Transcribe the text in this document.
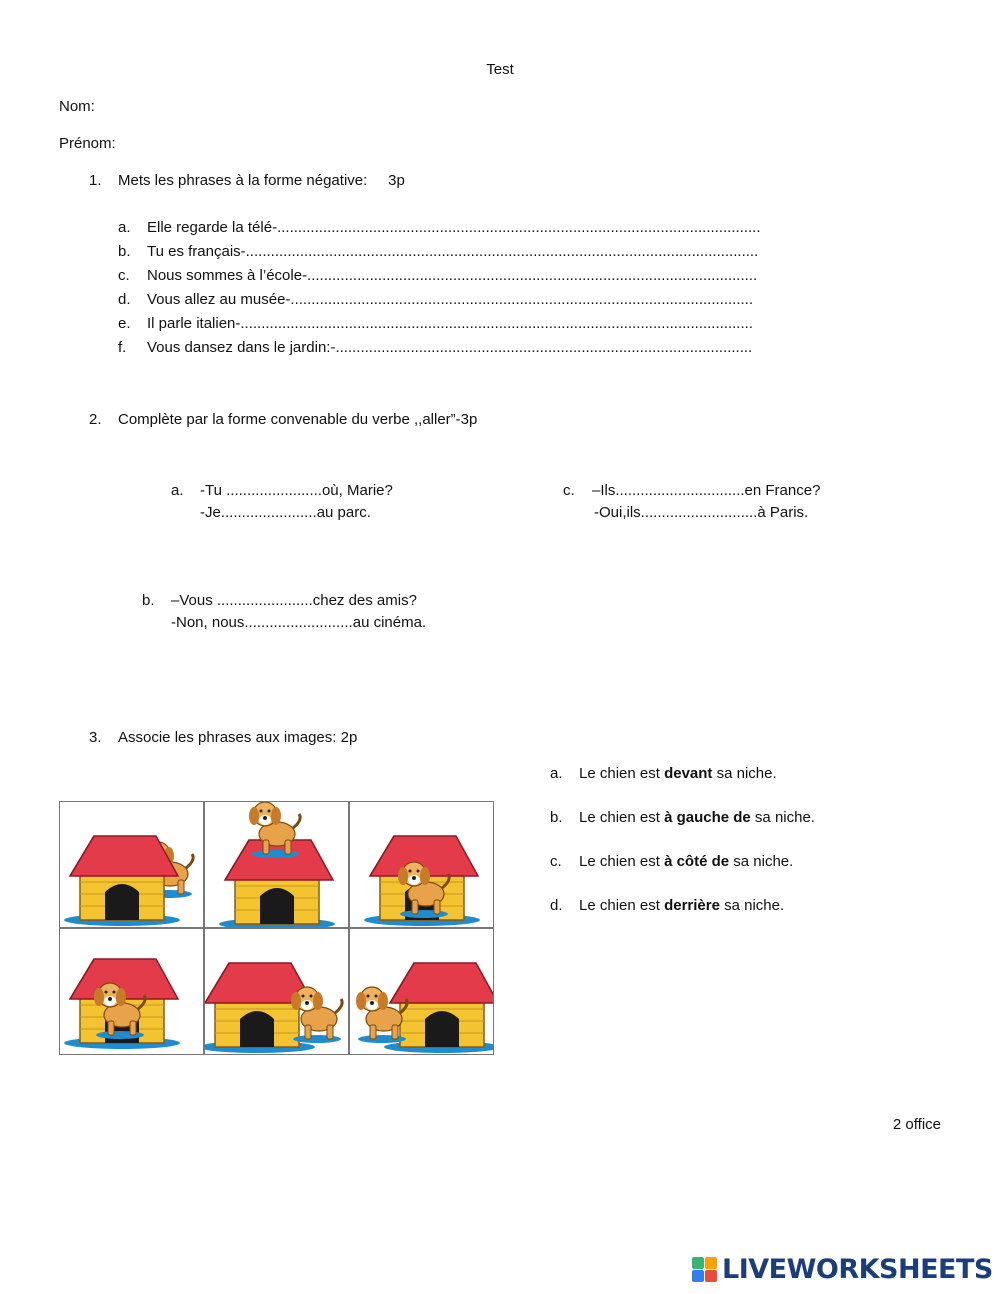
Test
Nom:
Prénom:
1. Mets les phrases à la forme négative:     3p
a. Elle regarde la télé-....................................................................................................................
b. Tu es français-...........................................................................................................................
c. Nous sommes à l’école-............................................................................................................
d. Vous allez au musée-...............................................................................................................
e. Il parle italien-...........................................................................................................................
f. Vous dansez dans le jardin:-....................................................................................................
2. Complète par la forme convenable du verbe ,,aller”-3p
a. -Tu .......................où, Marie?
-Je.......................au parc.
c. –Ils...............................en France?
-Oui,ils............................à Paris.
b. –Vous .......................chez des amis?
-Non, nous..........................au cinéma.
3. Associe les phrases aux images: 2p
a. Le chien est devant sa niche.
b. Le chien est à gauche de sa niche.
c. Le chien est à côté de sa niche.
d. Le chien est derrière sa niche.
2 office
LIVEWORKSHEETS
